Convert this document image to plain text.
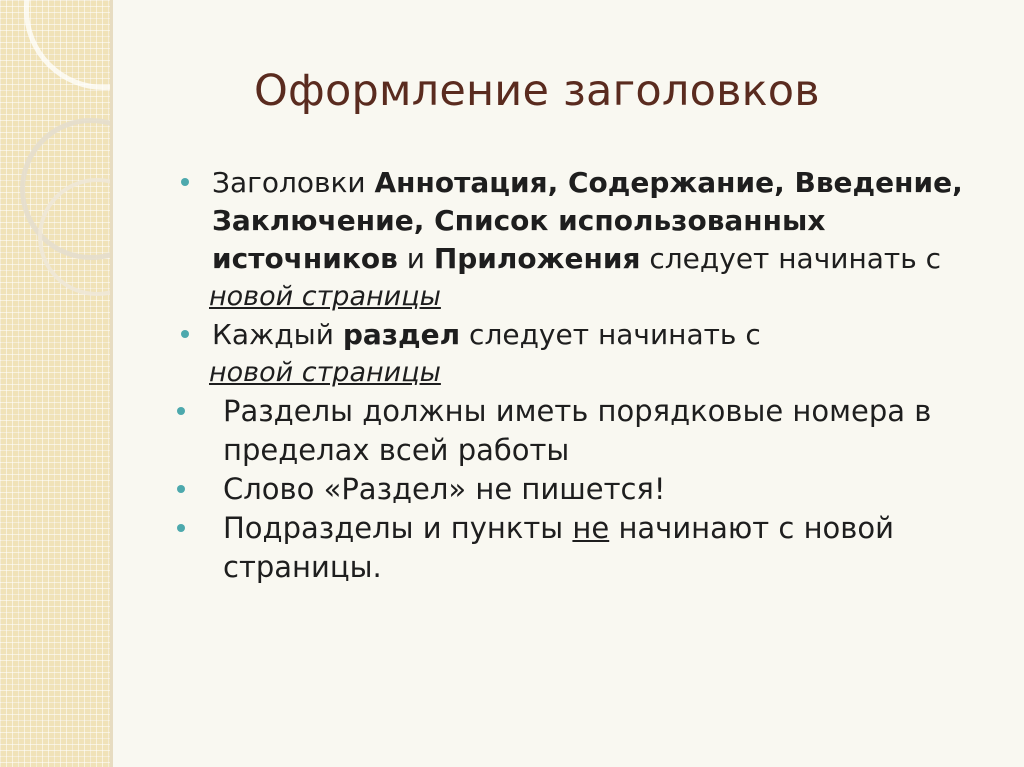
Оформление заголовков
Заголовки Аннотация, Содержание, Введение, Заключение, Список использованных источников и Приложения следует начинать с
новой страницы
Каждый раздел следует начинать с
новой страницы
Разделы должны иметь порядковые номера в пределах всей работы
Слово «Раздел» не пишется!
Подразделы и пункты не начинают с новой страницы.
